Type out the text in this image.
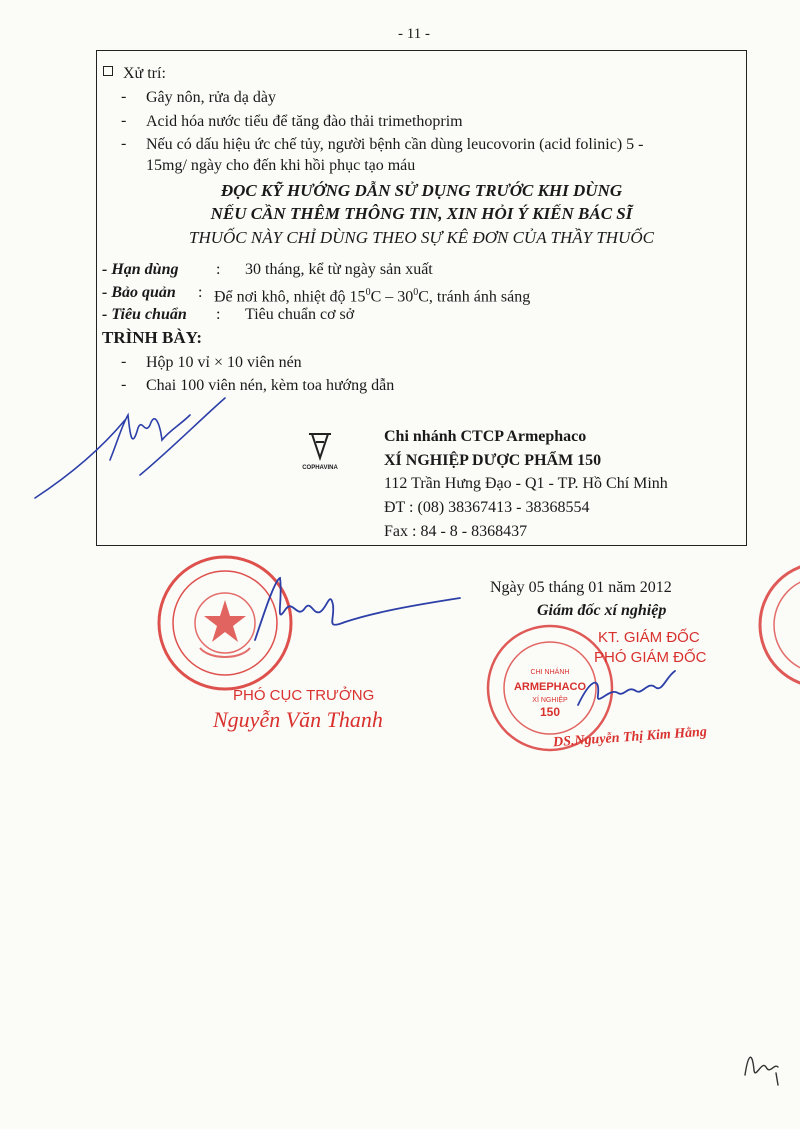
- 11 -
Xử trí:
- Gây nôn, rửa dạ dày
- Acid hóa nước tiểu để tăng đào thải trimethoprim
- Nếu có dấu hiệu ức chế tủy, người bệnh cần dùng leucovorin (acid folinic) 5 -
15mg/ ngày cho đến khi hồi phục tạo máu
ĐỌC KỸ HƯỚNG DẪN SỬ DỤNG TRƯỚC KHI DÙNG
NẾU CẦN THÊM THÔNG TIN, XIN HỎI Ý KIẾN BÁC SĨ
THUỐC NÀY CHỈ DÙNG THEO SỰ KÊ ĐƠN CỦA THẦY THUỐC
- Hạn dùng : 30 tháng, kể từ ngày sản xuất
- Bảo quản : Để nơi khô, nhiệt độ $15^0C - 30^0C$, tránh ánh sáng
- Tiêu chuẩn : Tiêu chuẩn cơ sở
TRÌNH BÀY:
- Hộp 10 vỉ × 10 viên nén
- Chai 100 viên nén, kèm toa hướng dẫn
COPHAVINA
Chi nhánh CTCP Armephaco
XÍ NGHIỆP DƯỢC PHẨM 150
112 Trần Hưng Đạo - Q1 - TP. Hồ Chí Minh
ĐT : (08) 38367413 - 38368554
Fax : 84 - 8 - 8368437
PHÓ CỤC TRƯỞNG
Nguyễn Văn Thanh
Ngày 05 tháng 01 năm 2012
Giám đốc xí nghiệp
CHI NHÁNH
ARMEPHACO
XÍ NGHIỆP
150
KT. GIÁM ĐỐC
PHÓ GIÁM ĐỐC
DS.Nguyễn Thị Kim Hằng
